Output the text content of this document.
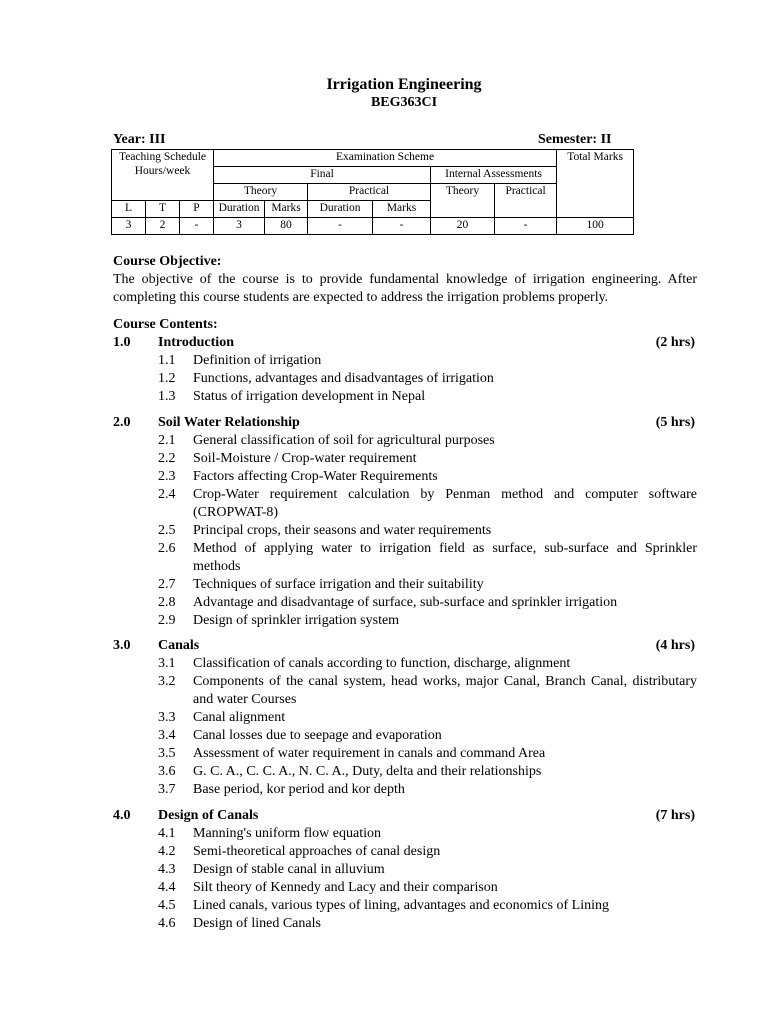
Irrigation Engineering
BEG363CI
Year: III	Semester: II
Teaching Schedule
Hours/week			Examination Scheme						Total Marks
			Final				Internal Assessments		
			Theory		Practical		Theory	Practical	
L	T	P	Duration	Marks	Duration	Marks			
3	2	-	3	80	-	-	20	-	100
Course Objective:
The objective of the course is to provide fundamental knowledge of irrigation engineering. After completing this course students are expected to address the irrigation problems properly.
Course Contents:
1.0 Introduction	(2 hrs)
1.1 Definition of irrigation
1.2 Functions, advantages and disadvantages of irrigation
1.3 Status of irrigation development in Nepal
2.0 Soil Water Relationship	(5 hrs)
2.1 General classification of soil for agricultural purposes
2.2 Soil-Moisture / Crop-water requirement
2.3 Factors affecting Crop-Water Requirements
2.4 Crop-Water requirement calculation by Penman method and computer software (CROPWAT-8)
2.5 Principal crops, their seasons and water requirements
2.6 Method of applying water to irrigation field as surface, sub-surface and Sprinkler methods
2.7 Techniques of surface irrigation and their suitability
2.8 Advantage and disadvantage of surface, sub-surface and sprinkler irrigation
2.9 Design of sprinkler irrigation system
3.0 Canals	(4 hrs)
3.1 Classification of canals according to function, discharge, alignment
3.2 Components of the canal system, head works, major Canal, Branch Canal, distributary and water Courses
3.3 Canal alignment
3.4 Canal losses due to seepage and evaporation
3.5 Assessment of water requirement in canals and command Area
3.6 G. C. A., C. C. A., N. C. A., Duty, delta and their relationships
3.7 Base period, kor period and kor depth
4.0 Design of Canals	(7 hrs)
4.1 Manning's uniform flow equation
4.2 Semi-theoretical approaches of canal design
4.3 Design of stable canal in alluvium
4.4 Silt theory of Kennedy and Lacy and their comparison
4.5 Lined canals, various types of lining, advantages and economics of Lining
4.6 Design of lined Canals
